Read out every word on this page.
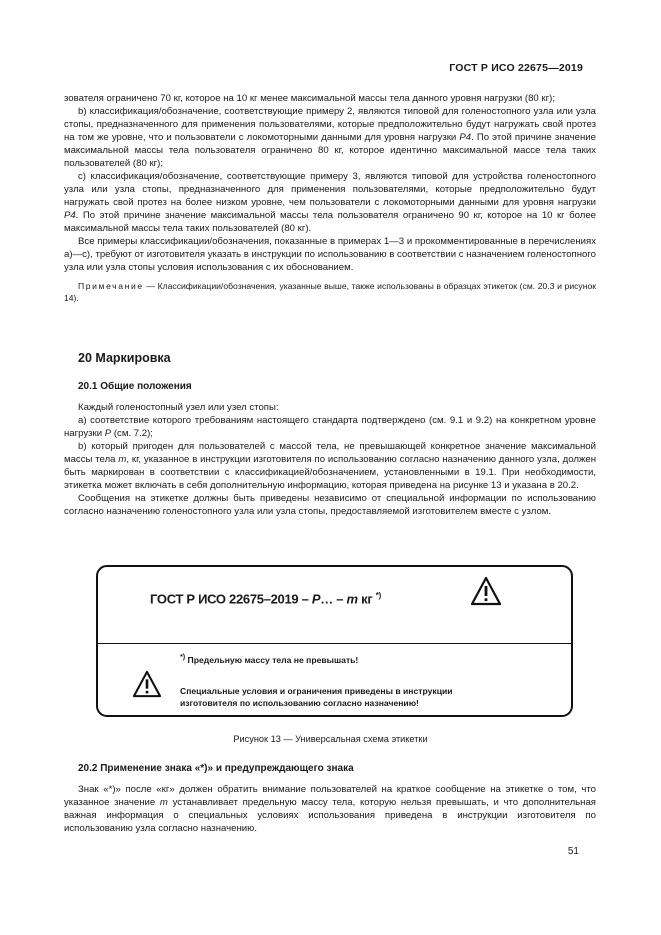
ГОСТ Р ИСО 22675—2019

зователя ограничено 70 кг, которое на 10 кг менее максимальной массы тела данного уровня нагрузки (80 кг);

b) классификация/обозначение, соответствующие примеру 2, являются типовой для голеностопного узла или узла стопы, предназначенного для применения пользователями, которые предположительно будут нагружать свой протез на том же уровне, что и пользователи с локомоторными данными для уровня нагрузки Р4. По этой причине значение максимальной массы тела пользователя ограничено 80 кг, которое идентично максимальной массе тела таких пользователей (80 кг);

c) классификация/обозначение, соответствующие примеру 3, являются типовой для устройства голеностопного узла или узла стопы, предназначенного для применения пользователями, которые предположительно будут нагружать свой протез на более низком уровне, чем пользователи с локомоторными данными для уровня нагрузки Р4. По этой причине значение максимальной массы тела пользователя ограничено 90 кг, которое на 10 кг более максимальной массы тела таких пользователей (80 кг).

Все примеры классификации/обозначения, показанные в примерах 1—3 и прокомментированные в перечислениях а)—с), требуют от изготовителя указать в инструкции по использованию в соответствии с назначением голеностопного узла или узла стопы условия использования с их обоснованием.

Примечание — Классификации/обозначения, указанные выше, также использованы в образцах этикеток (см. 20.3 и рисунок 14).

20 Маркировка
20.1 Общие положения

Каждый голеностопный узел или узел стопы:

a) соответствие которого требованиям настоящего стандарта подтверждено (см. 9.1 и 9.2) на конкретном уровне нагрузки Р (см. 7.2);

b) который пригоден для пользователей с массой тела, не превышающей конкретное значение максимальной массы тела m, кг, указанное в инструкции изготовителя по использованию согласно назначению данного узла, должен быть маркирован в соответствии с классификацией/обозначением, установленными в 19.1. При необходимости, этикетка может включать в себя дополнительную информацию, которая приведена на рисунке 13 и указана в 20.2.

Сообщения на этикетке должны быть приведены независимо от специальной информации по использованию согласно назначению голеностопного узла или узла стопы, предоставляемой изготовителем вместе с узлом.

ГОСТ Р ИСО 22675–2019 – P… – m кг *)
*) Предельную массу тела не превышать!
Специальные условия и ограничения приведены в инструкции
изготовителя по использованию согласно назначению!
Рисунок 13 — Универсальная схема этикетки
20.2 Применение знака «*)» и предупреждающего знака

Знак «*)» после «кг» должен обратить внимание пользователей на краткое сообщение на этикетке о том, что указанное значение m устанавливает предельную массу тела, которую нельзя превышать, и что дополнительная важная информация о специальных условиях использования приведена в инструкции изготовителя по использованию узла согласно назначению.

51
